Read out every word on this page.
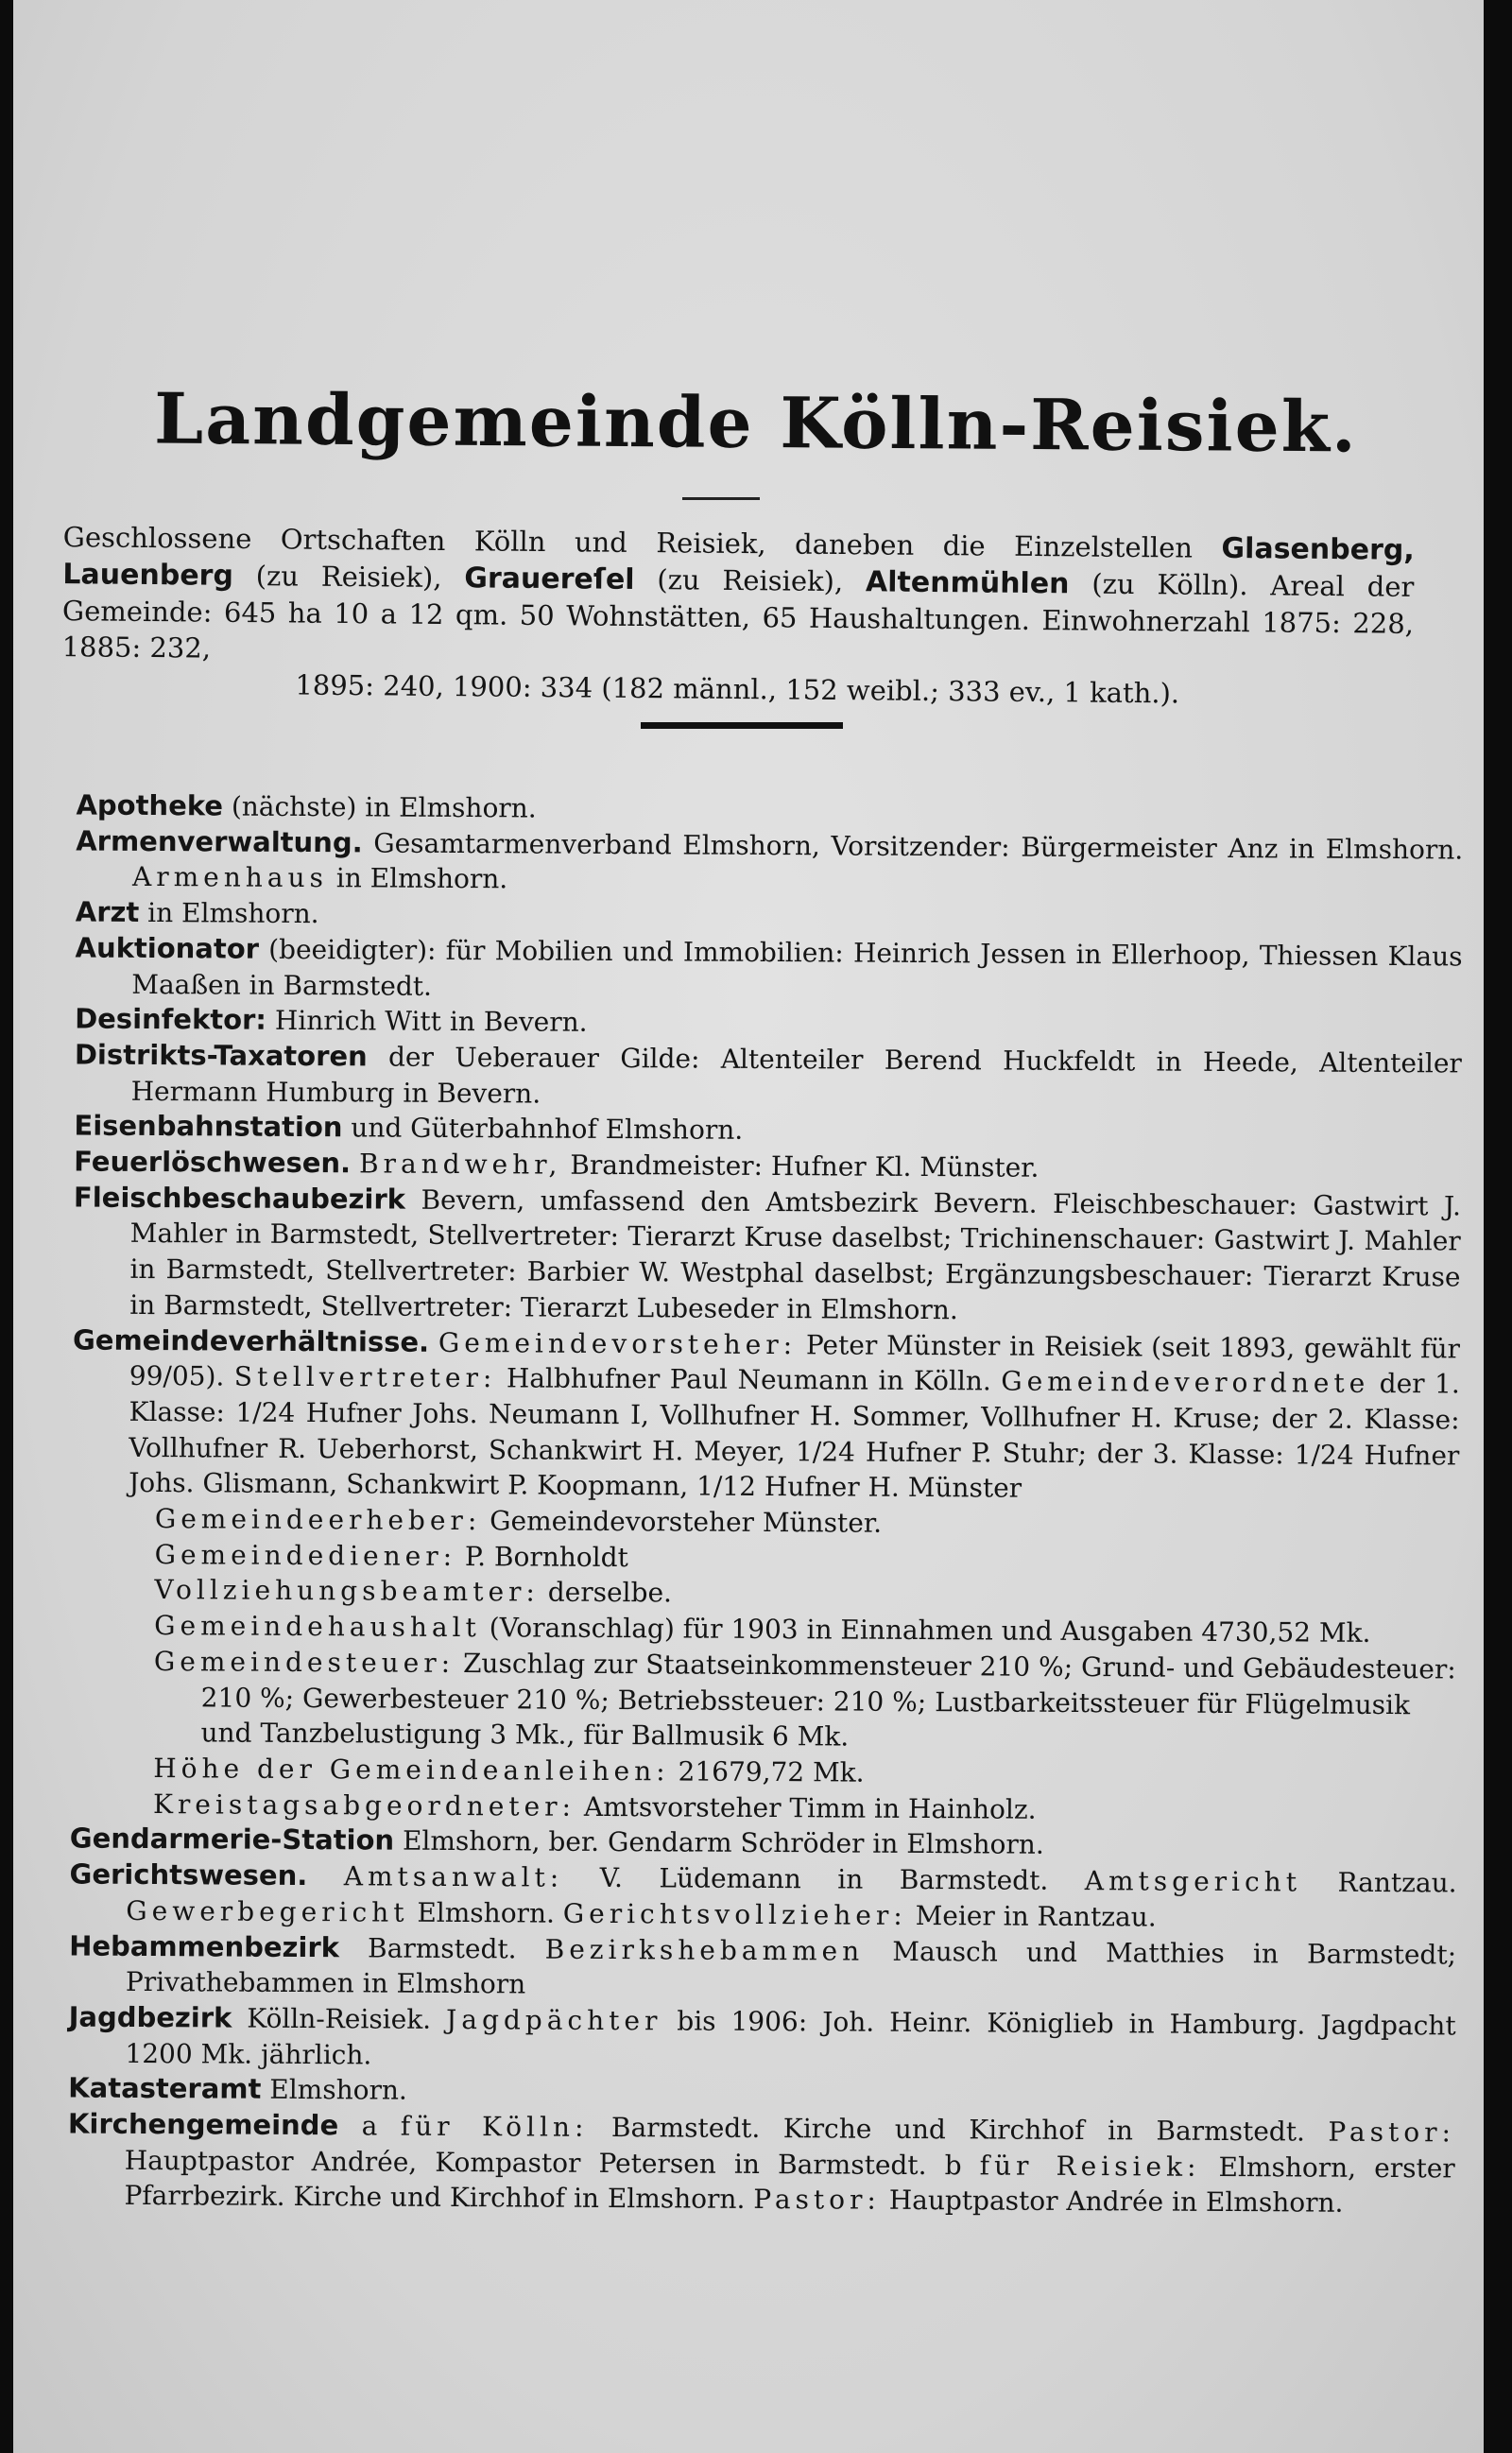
Landgemeinde Kölln-Reisiek.
Geschlossene Ortschaften Kölln und Reisiek, daneben die Einzelstellen Glasenberg, Lauenberg (zu Reisiek), Grauereſel (zu Reisiek), Altenmühlen (zu Kölln). Areal der Gemeinde: 645 ha 10 a 12 qm. 50 Wohnstätten, 65 Haushaltungen. Einwohnerzahl 1875: 228, 1885: 232,
1895: 240, 1900: 334 (182 männl., 152 weibl.; 333 ev., 1 kath.).
Apotheke (nächste) in Elmshorn.
Armenverwaltung. Gesamtarmenverband Elmshorn, Vorsitzender: Bürgermeister Anz in Elmshorn. Armenhaus in Elmshorn.
Arzt in Elmshorn.
Auktionator (beeidigter): für Mobilien und Immobilien: Heinrich Jessen in Ellerhoop, Thiessen Klaus Maaßen in Barmstedt.
Desinfektor: Hinrich Witt in Bevern.
Distrikts-Taxatoren der Ueberauer Gilde: Altenteiler Berend Huckfeldt in Heede, Altenteiler Hermann Humburg in Bevern.
Eisenbahnstation und Güterbahnhof Elmshorn.
Feuerlöschwesen. Brandwehr, Brandmeister: Hufner Kl. Münster.
Fleischbeschaubezirk Bevern, umfassend den Amtsbezirk Bevern. Fleischbeschauer: Gastwirt J. Mahler in Barmstedt, Stellvertreter: Tierarzt Kruse daselbst; Trichinenschauer: Gastwirt J. Mahler in Barmstedt, Stellvertreter: Barbier W. Westphal daselbst; Ergänzungsbeschauer: Tierarzt Kruse in Barmstedt, Stellvertreter: Tierarzt Lubeseder in Elmshorn.
Gemeindeverhältnisse. Gemeindevorsteher: Peter Münster in Reisiek (seit 1893, gewählt für 99/05). Stellvertreter: Halbhufner Paul Neumann in Kölln. Gemeindeverordnete der 1. Klasse: 1/24 Hufner Johs. Neumann I, Vollhufner H. Sommer, Vollhufner H. Kruse; der 2. Klasse: Vollhufner R. Ueberhorst, Schankwirt H. Meyer, 1/24 Hufner P. Stuhr; der 3. Klasse: 1/24 Hufner Johs. Glismann, Schankwirt P. Koopmann, 1/12 Hufner H. Münster
Gemeindeerheber: Gemeindevorsteher Münster.
Gemeindediener: P. Bornholdt
Vollziehungsbeamter: derselbe.
Gemeindehaushalt (Voranschlag) für 1903 in Einnahmen und Ausgaben 4730,52 Mk.
Gemeindesteuer: Zuschlag zur Staatseinkommensteuer 210 %; Grund- und Gebäudesteuer: 210 %; Gewerbesteuer 210 %; Betriebssteuer: 210 %; Lustbarkeitssteuer für Flügelmusik und Tanzbelustigung 3 Mk., für Ballmusik 6 Mk.
Höhe der Gemeindeanleihen: 21679,72 Mk.
Kreistagsabgeordneter: Amtsvorsteher Timm in Hainholz.
Gendarmerie-Station Elmshorn, ber. Gendarm Schröder in Elmshorn.
Gerichtswesen. Amtsanwalt: V. Lüdemann in Barmstedt. Amtsgericht Rantzau. Gewerbegericht Elmshorn. Gerichtsvollzieher: Meier in Rantzau.
Hebammenbezirk Barmstedt. Bezirkshebammen Mausch und Matthies in Barmstedt; Privathebammen in Elmshorn
Jagdbezirk Kölln-Reisiek. Jagdpächter bis 1906: Joh. Heinr. Königlieb in Hamburg. Jagdpacht 1200 Mk. jährlich.
Katasteramt Elmshorn.
Kirchengemeinde a für Kölln: Barmstedt. Kirche und Kirchhof in Barmstedt. Pastor: Hauptpastor Andrée, Kompastor Petersen in Barmstedt. b für Reisiek: Elmshorn, erster Pfarrbezirk. Kirche und Kirchhof in Elmshorn. Pastor: Hauptpastor Andrée in Elmshorn.
